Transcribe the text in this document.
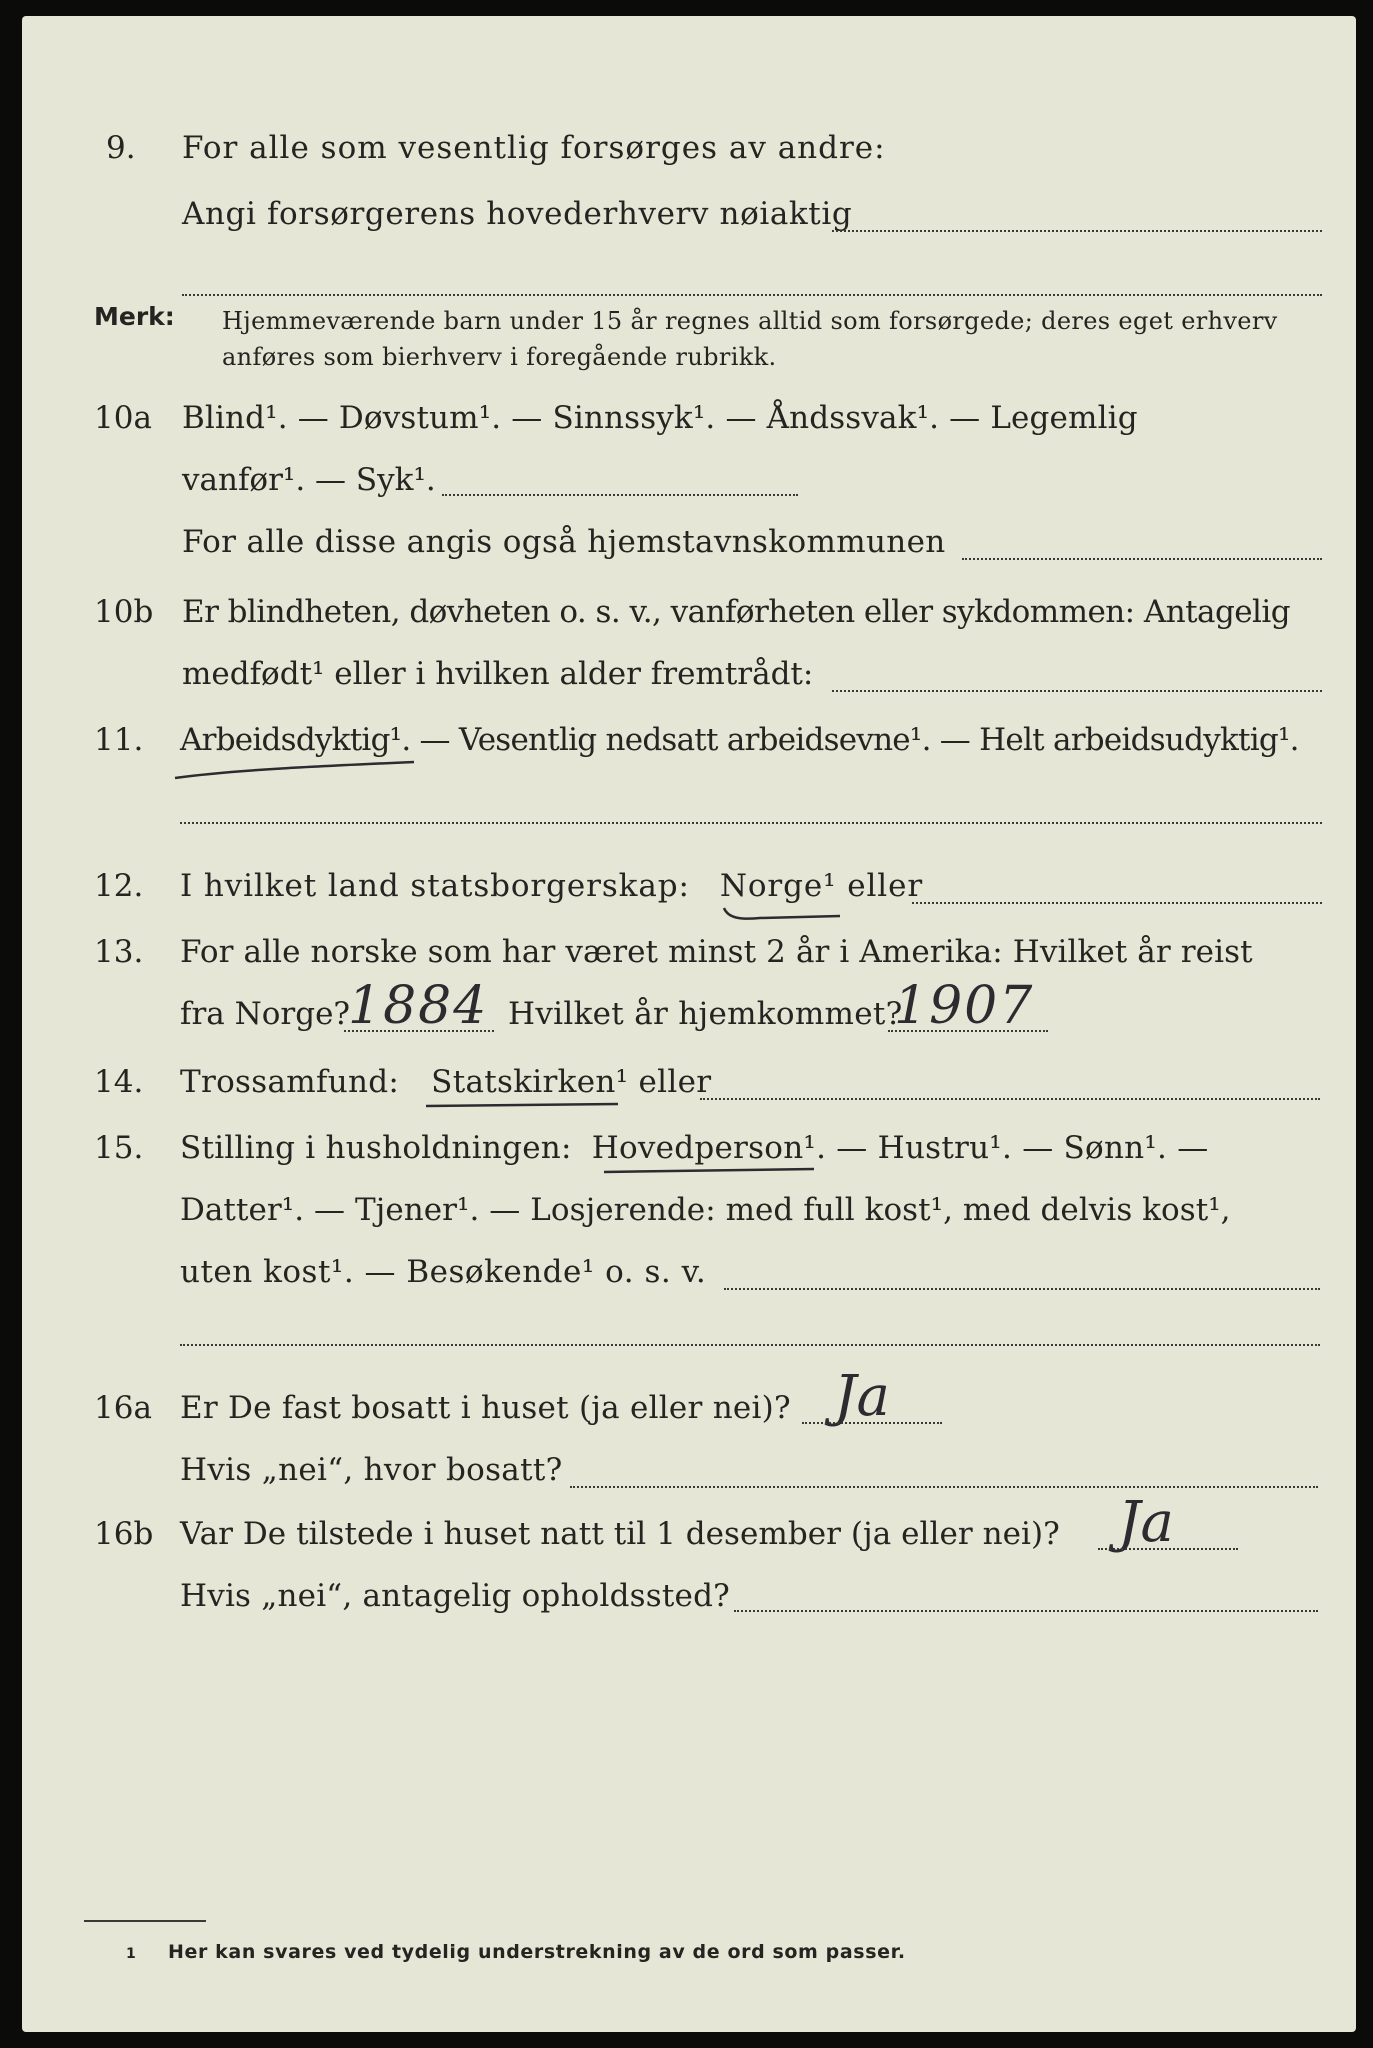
9. For alle som vesentlig forsørges av andre:
Angi forsørgerens hovederhverv nøiaktig
Merk: Hjemmeværende barn under 15 år regnes alltid som forsørgede; deres eget erhverv
anføres som bierhverv i foregående rubrikk.
10a Blind¹. — Døvstum¹. — Sinnssyk¹. — Åndssvak¹. — Legemlig
vanfør¹. — Syk¹.
For alle disse angis også hjemstavnskommunen
10b Er blindheten, døvheten o. s. v., vanførheten eller sykdommen: Antagelig
medfødt¹ eller i hvilken alder fremtrådt:
11. Arbeidsdyktig¹. — Vesentlig nedsatt arbeidsevne¹. — Helt arbeidsudyktig¹.
12. I hvilket land statsborgerskap: Norge¹ eller
13. For alle norske som har været minst 2 år i Amerika: Hvilket år reist
fra Norge?
1884 Hvilket år hjemkommet?
1907
14. Trossamfund: Statskirken¹ eller
15. Stilling i husholdningen: Hovedperson¹. — Hustru¹. — Sønn¹. —
Datter¹. — Tjener¹. — Losjerende: med full kost¹, med delvis kost¹,
uten kost¹. — Besøkende¹ o. s. v.
16a Er De fast bosatt i huset (ja eller nei)? Ja
Hvis „nei“, hvor bosatt?
16b Var De tilstede i huset natt til 1 desember (ja eller nei)? Ja
Hvis „nei“, antagelig opholdssted?
1 Her kan svares ved tydelig understrekning av de ord som passer.
